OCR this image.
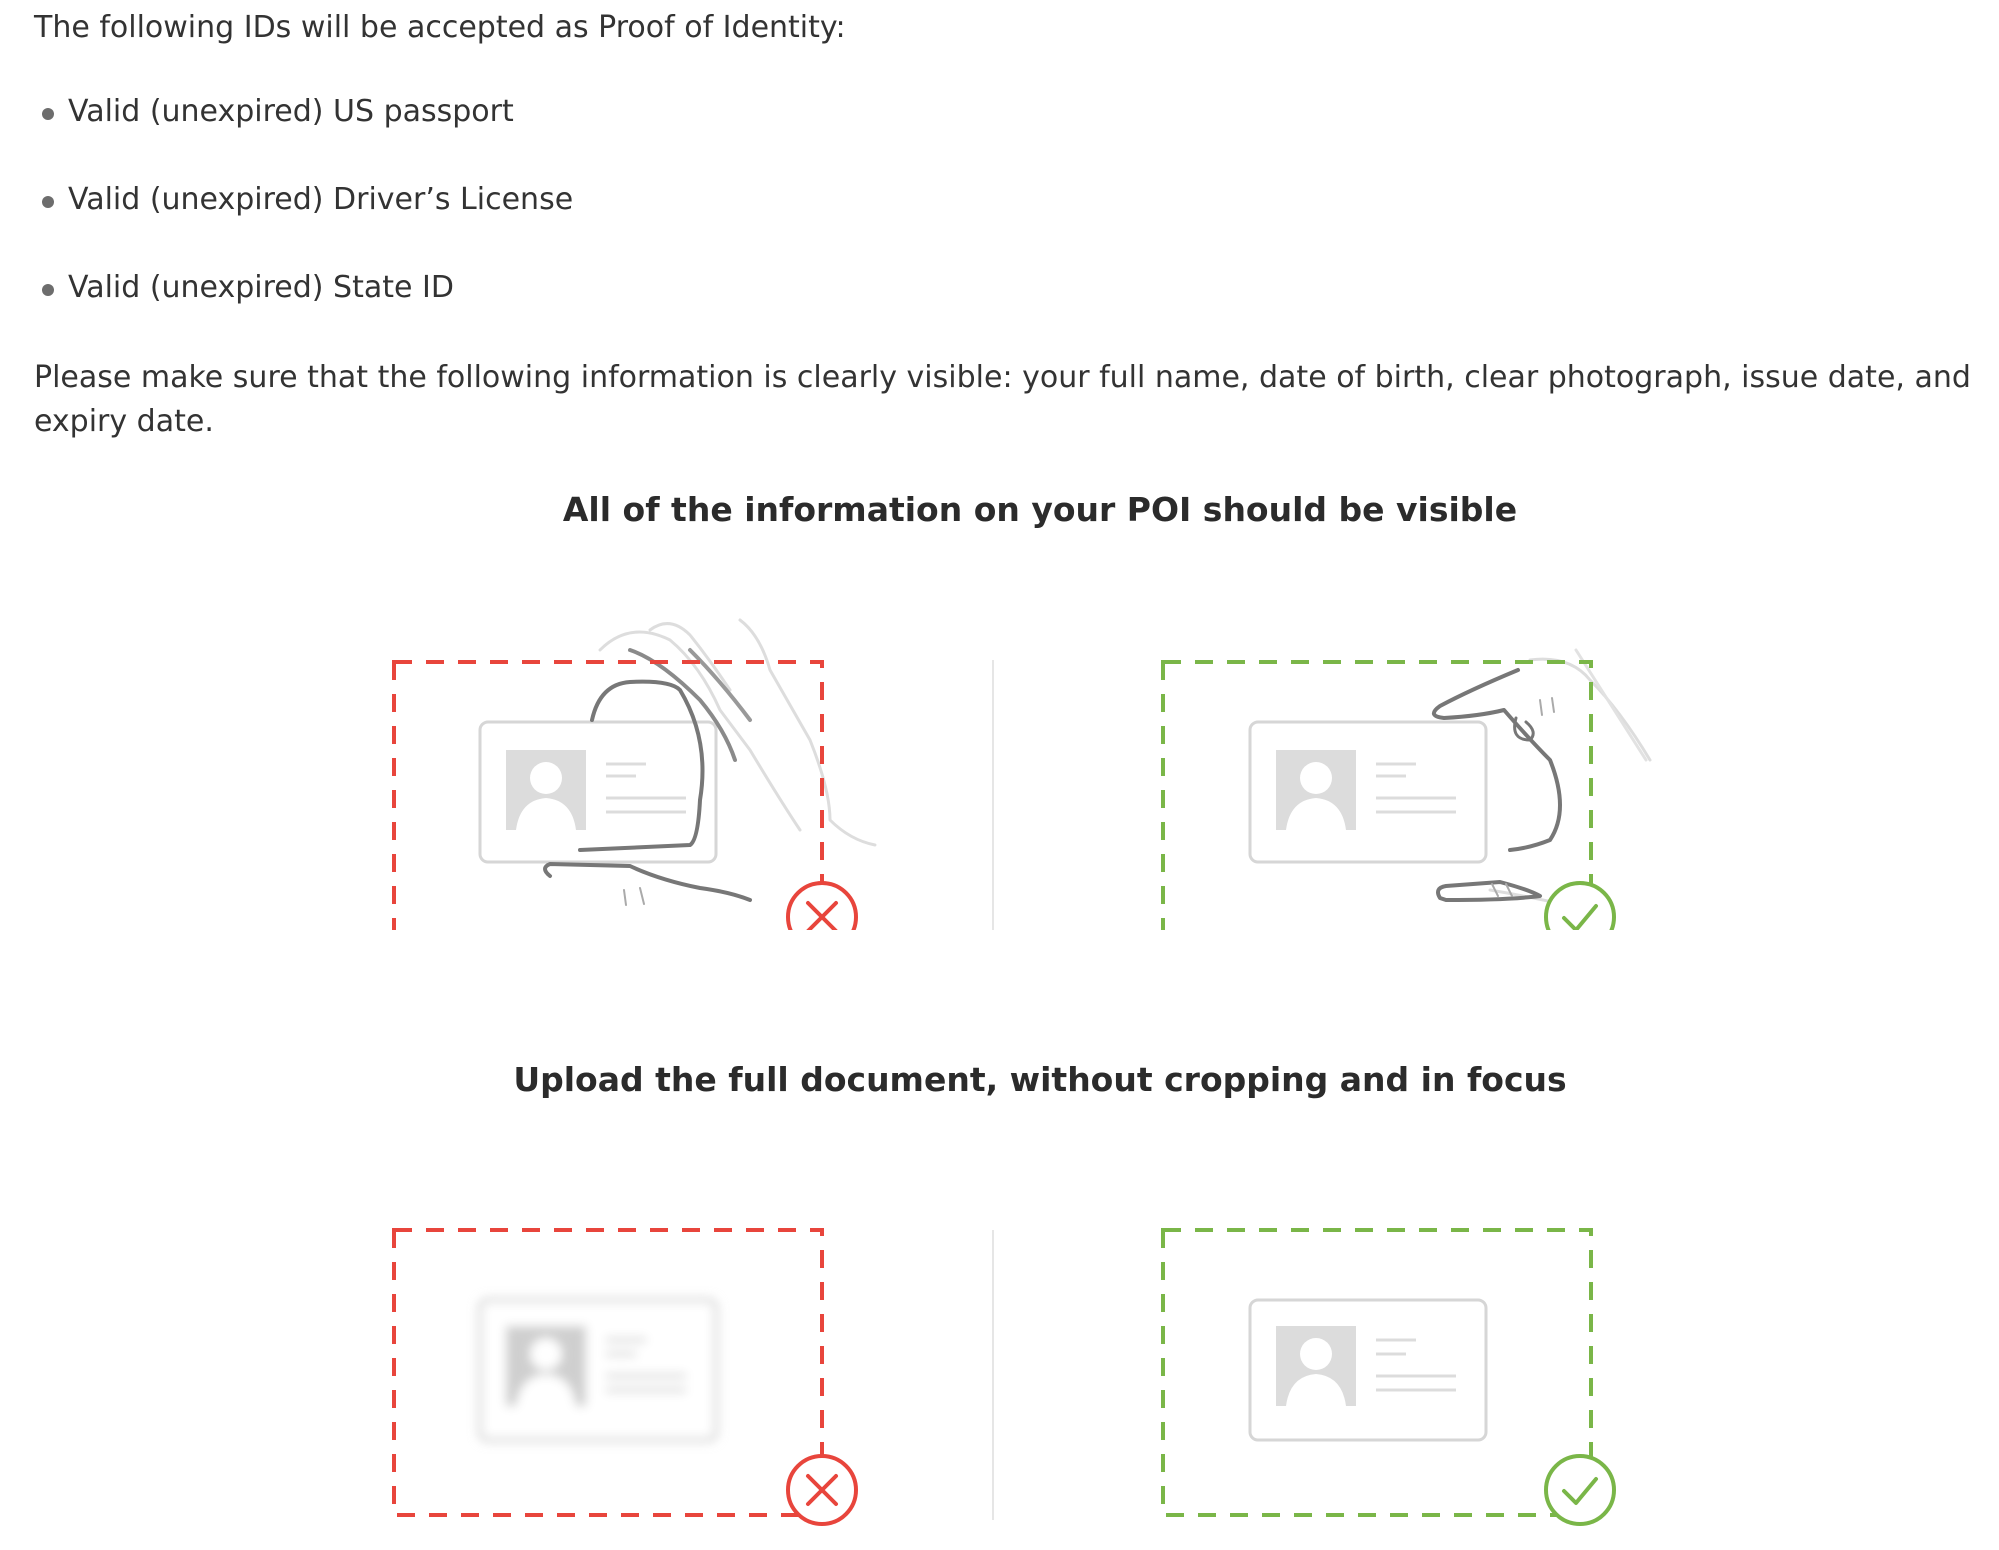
The following IDs will be accepted as Proof of Identity:

Valid (unexpired) US passport
Valid (unexpired) Driver’s License
Valid (unexpired) State ID

Please make sure that the following information is clearly visible: your full name, date of birth, clear photograph, issue date, and expiry date.

All of the information on your POI should be visible
Upload the full document, without cropping and in focus
